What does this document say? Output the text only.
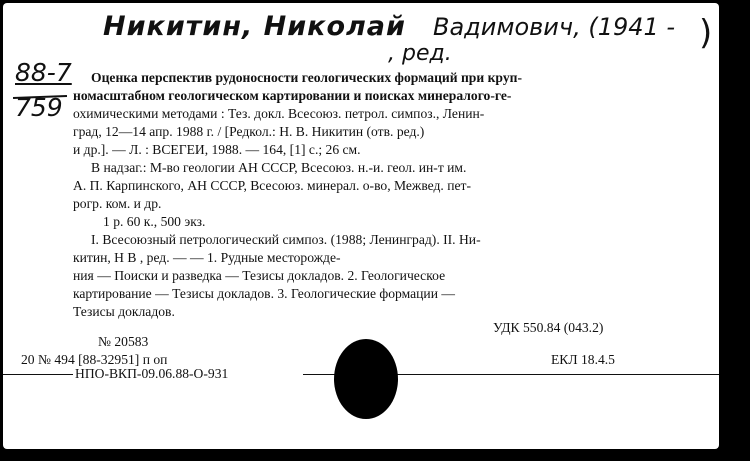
Никитин, Николай Вадимович, (1941 -
, ред.
)
88-7
759
Оценка перспектив рудоносности геологических формаций при круп-
номасштабном геологическом картировании и поисках минералого-ге-
охимическими методами : Тез. докл. Всесоюз. петрол. симпоз., Ленин-
град, 12—14 апр. 1988 г. / [Редкол.: Н. В. Никитин (отв. ред.)
и др.]. — Л. : ВСЕГЕИ, 1988. — 164, [1] с.; 26 см.
В надзаг.: М-во геологии АН СССР, Всесоюз. н.-и. геол. ин-т им.
А. П. Карпинского, АН СССР, Всесоюз. минерал. о-во, Межвед. пет-
рогр. ком. и др.
1 р. 60 к., 500 экз.
I. Всесоюзный петрологический симпоз. (1988; Ленинград). II. Ни-
китин, Н В , ред. — — 1. Рудные месторожде-
ния — Поиски и разведка — Тезисы докладов. 2. Геологическое
картирование — Тезисы докладов. 3. Геологические формации —
Тезисы докладов.
УДК 550.84 (043.2)
№ 20583
20 № 494 [88-32951] п оп	ЕКЛ 18.4.5
НПО-ВКП-09.06.88-О-931
